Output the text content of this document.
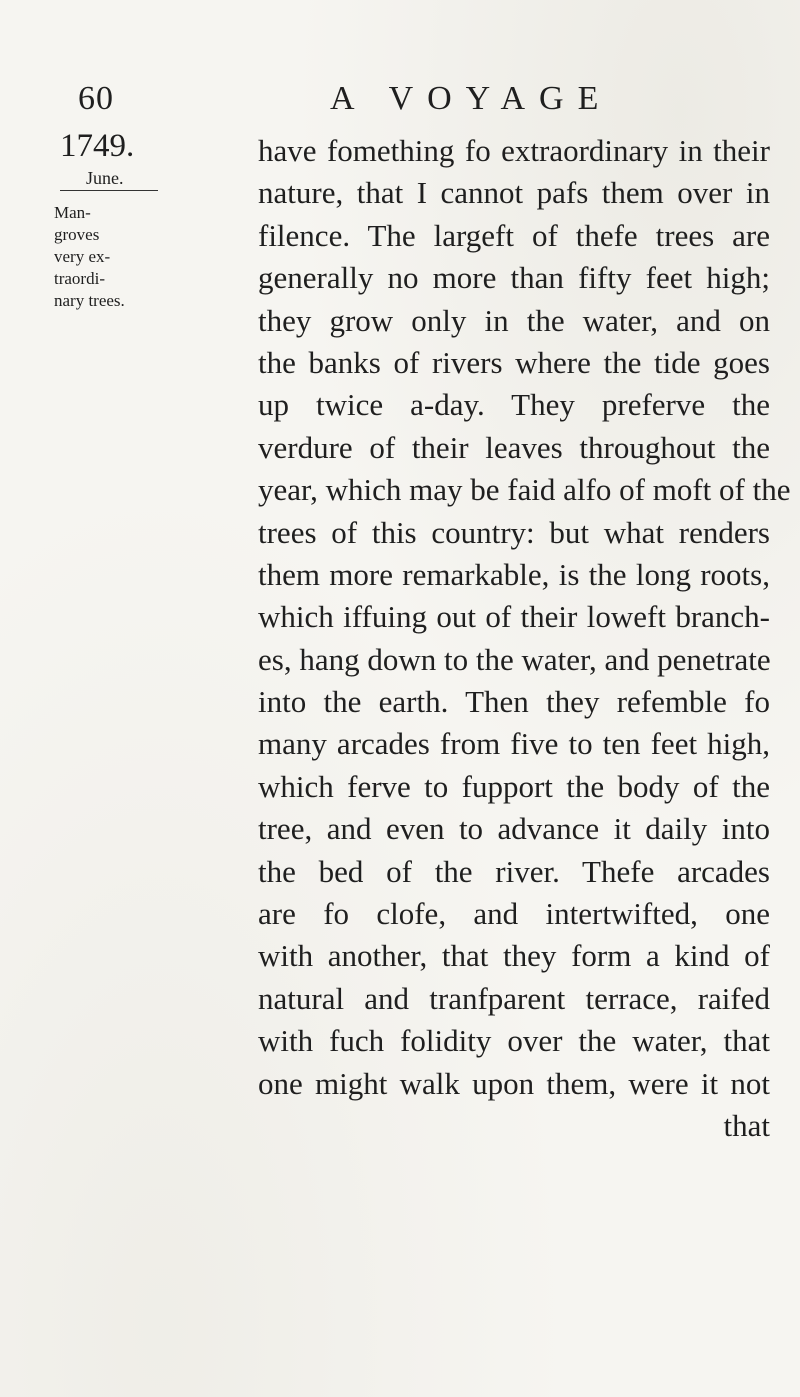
60	A VOYAGE
1749.
June.
Man-
groves
very ex-
traordi-
nary trees.
have fomething fo extraordinary in their
nature, that I cannot pafs them over in
filence. The largeft of thefe trees are
generally no more than fifty feet high;
they grow only in the water, and on
the banks of rivers where the tide goes
up twice a-day. They preferve the
verdure of their leaves throughout the
year, which may be faid alfo of moft of the
trees of this country: but what renders
them more remarkable, is the long roots,
which iffuing out of their loweft branch-
es, hang down to the water, and penetrate
into the earth. Then they refemble fo
many arcades from five to ten feet high,
which ferve to fupport the body of the
tree, and even to advance it daily into
the bed of the river. Thefe arcades
are fo clofe, and intertwifted, one
with another, that they form a kind of
natural and tranfparent terrace, raifed
with fuch folidity over the water, that
one might walk upon them, were it not
that
